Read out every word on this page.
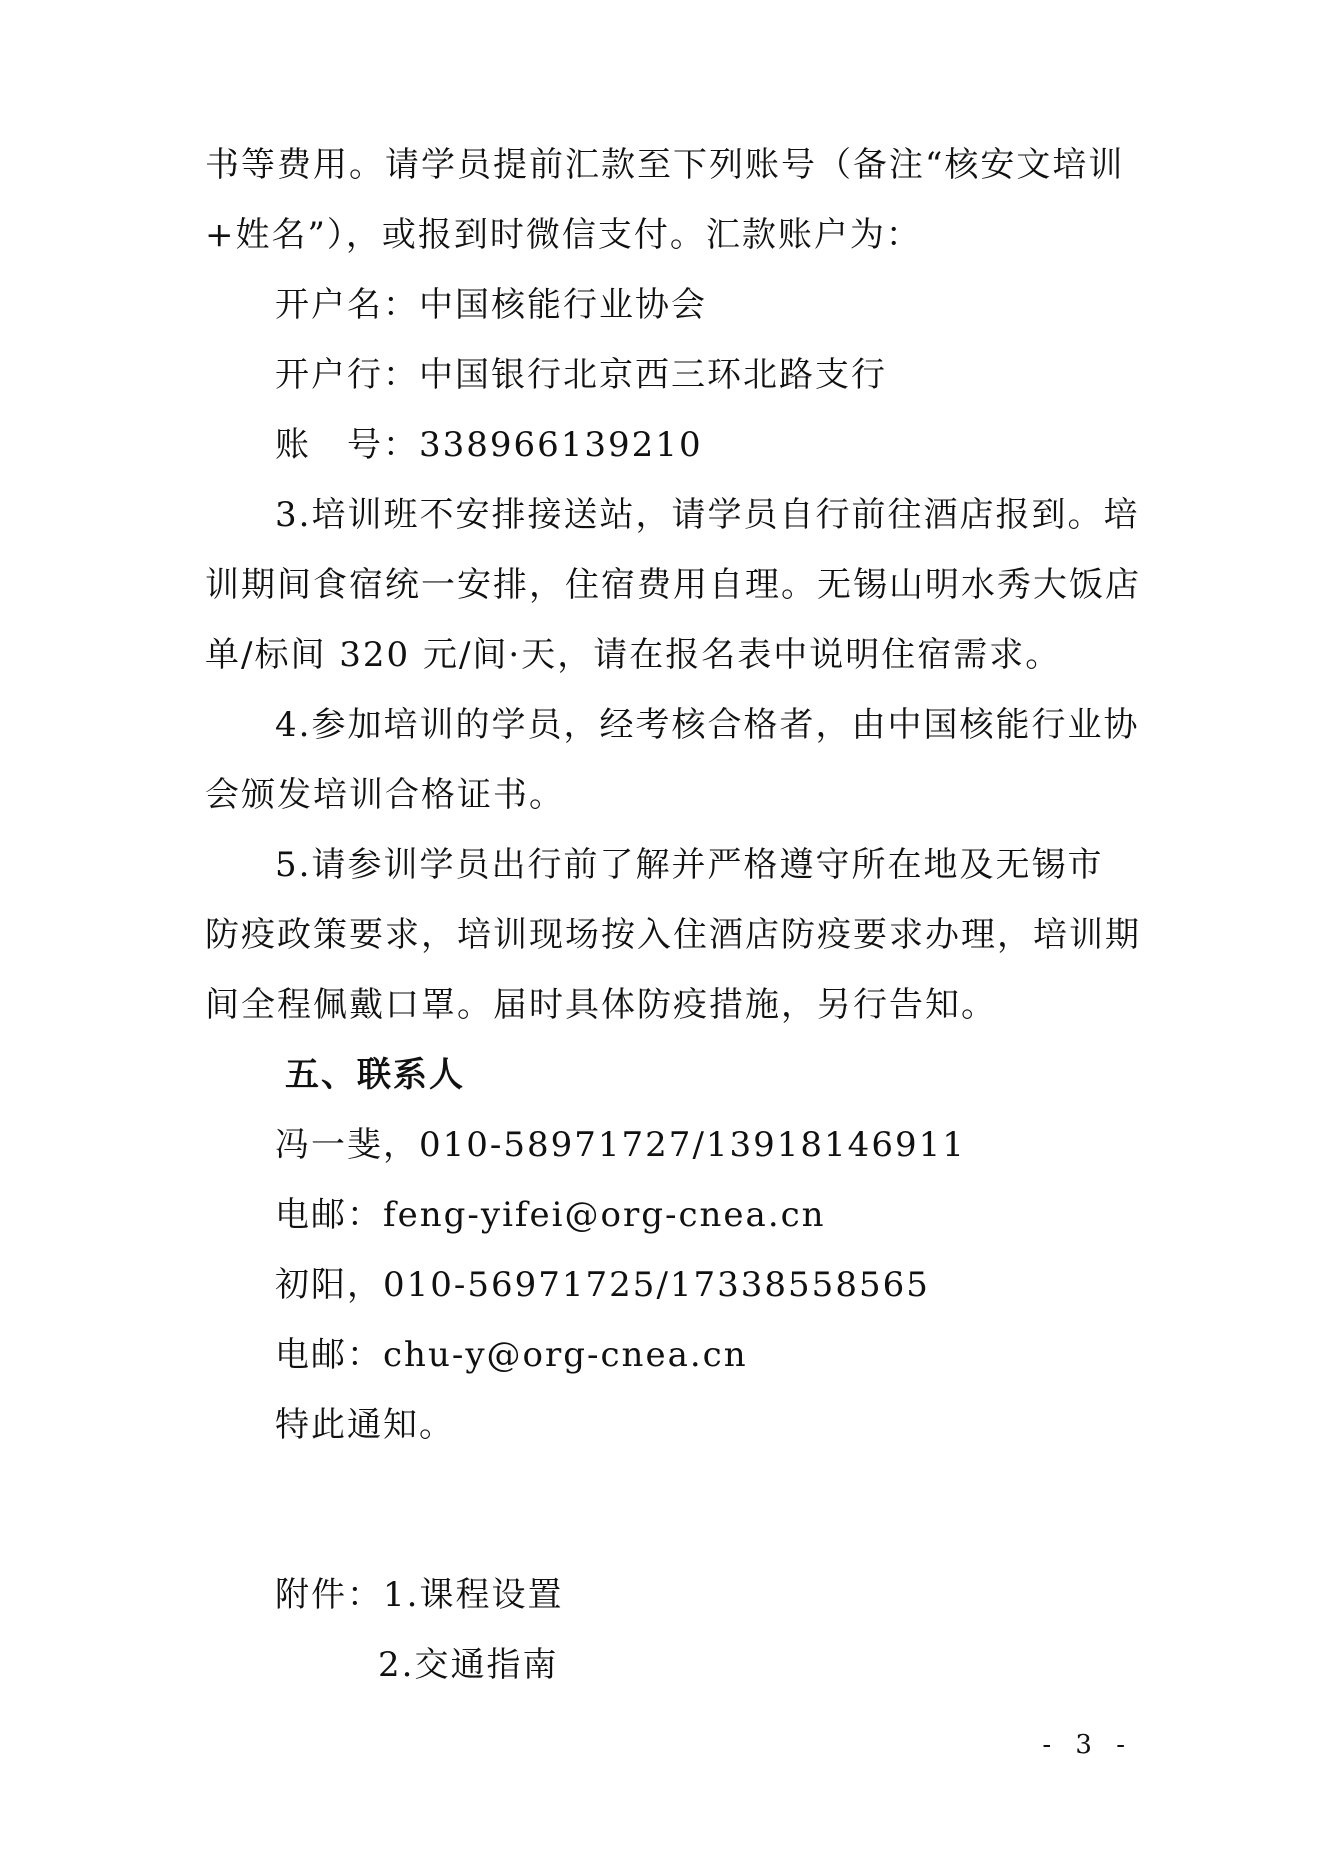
书等费用。请学员提前汇款至下列账号（备注“核安文培训
+姓名”），或报到时微信支付。汇款账户为：
开户名：中国核能行业协会
开户行：中国银行北京西三环北路支行
账　号：338966139210
3.培训班不安排接送站，请学员自行前往酒店报到。培
训期间食宿统一安排，住宿费用自理。无锡山明水秀大饭店
单/标间 320 元/间·天，请在报名表中说明住宿需求。
4.参加培训的学员，经考核合格者，由中国核能行业协
会颁发培训合格证书。
5.请参训学员出行前了解并严格遵守所在地及无锡市
防疫政策要求，培训现场按入住酒店防疫要求办理，培训期
间全程佩戴口罩。届时具体防疫措施，另行告知。
五、联系人
冯一斐，010-58971727/13918146911
电邮：feng-yifei@org-cnea.cn
初阳，010-56971725/17338558565
电邮：chu-y@org-cnea.cn
特此通知。
附件：1.课程设置
2.交通指南
- 3 -
